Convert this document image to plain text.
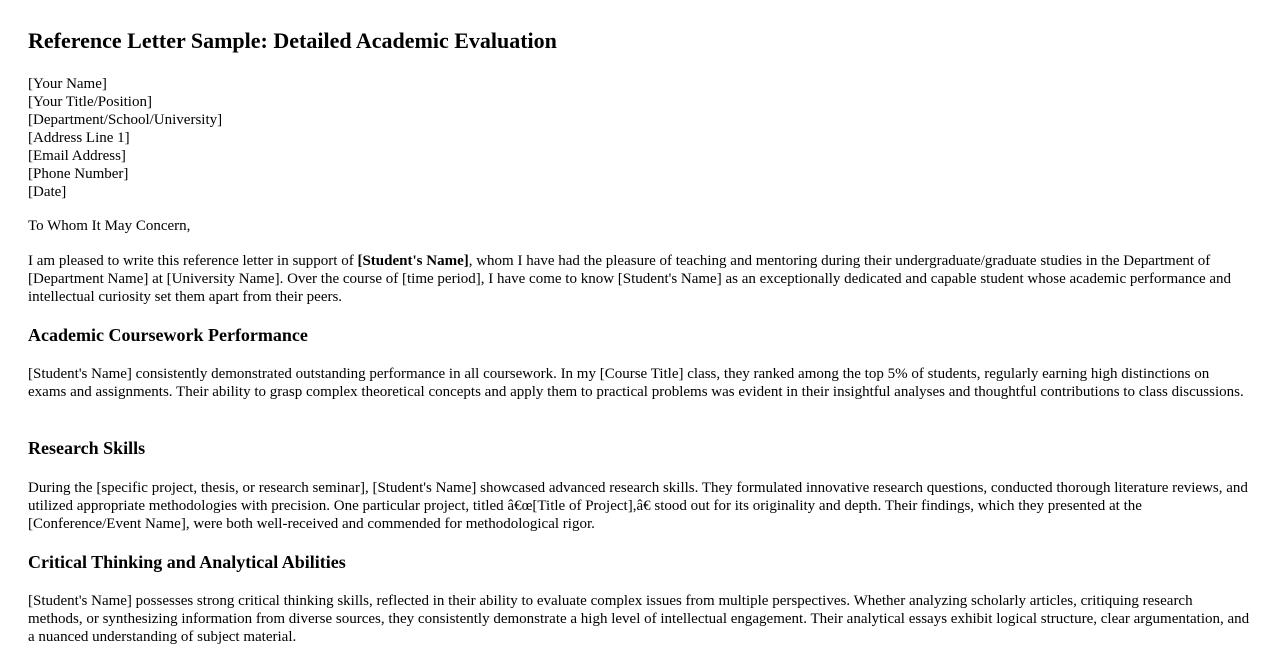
Reference Letter Sample: Detailed Academic Evaluation
[Your Name]
[Your Title/Position]
[Department/School/University]
[Address Line 1]
[Email Address]
[Phone Number]
[Date]
To Whom It May Concern,

I am pleased to write this reference letter in support of [Student's Name], whom I have had the pleasure of teaching and mentoring during their undergraduate/graduate studies in the Department of [Department Name] at [University Name]. Over the course of [time period], I have come to know [Student's Name] as an exceptionally dedicated and capable student whose academic performance and intellectual curiosity set them apart from their peers.

Academic Coursework Performance

[Student's Name] consistently demonstrated outstanding performance in all coursework. In my [Course Title] class, they ranked among the top 5% of students, regularly earning high distinctions on exams and assignments. Their ability to grasp complex theoretical concepts and apply them to practical problems was evident in their insightful analyses and thoughtful contributions to class discussions.

Research Skills

During the [specific project, thesis, or research seminar], [Student's Name] showcased advanced research skills. They formulated innovative research questions, conducted thorough literature reviews, and utilized appropriate methodologies with precision. One particular project, titled â€œ[Title of Project],â€ stood out for its originality and depth. Their findings, which they presented at the [Conference/Event Name], were both well-received and commended for methodological rigor.

Critical Thinking and Analytical Abilities

[Student's Name] possesses strong critical thinking skills, reflected in their ability to evaluate complex issues from multiple perspectives. Whether analyzing scholarly articles, critiquing research methods, or synthesizing information from diverse sources, they consistently demonstrate a high level of intellectual engagement. Their analytical essays exhibit logical structure, clear argumentation, and a nuanced understanding of subject material.
